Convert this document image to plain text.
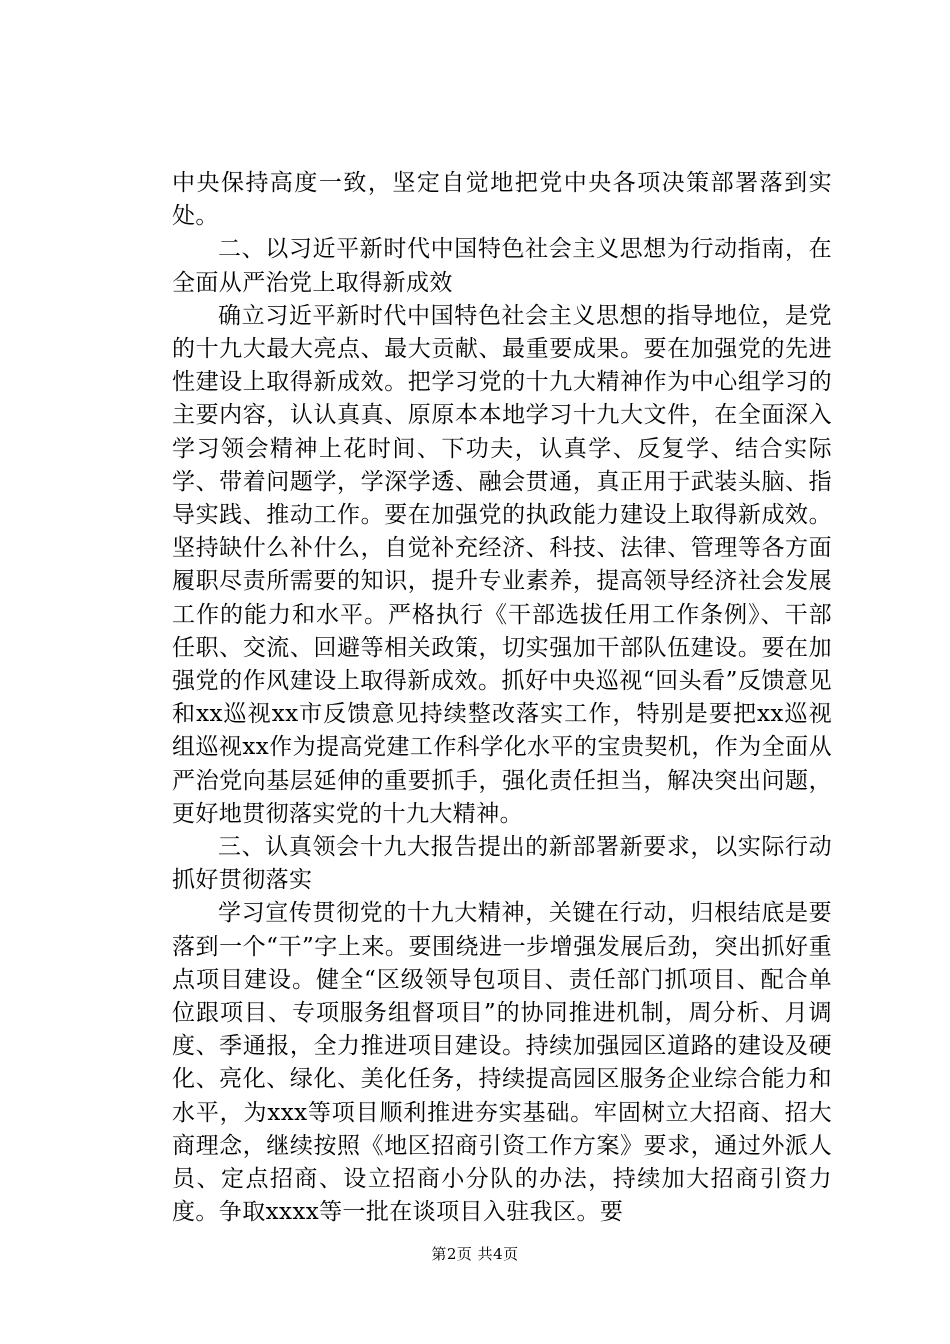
中央保持高度一致，坚定自觉地把党中央各项决策部署落到实处。

二、以习近平新时代中国特色社会主义思想为行动指南，在全面从严治党上取得新成效

确立习近平新时代中国特色社会主义思想的指导地位，是党的十九大最大亮点、最大贡献、最重要成果。要在加强党的先进性建设上取得新成效。把学习党的十九大精神作为中心组学习的主要内容，认认真真、原原本本地学习十九大文件，在全面深入学习领会精神上花时间、下功夫，认真学、反复学、结合实际学、带着问题学，学深学透、融会贯通，真正用于武装头脑、指导实践、推动工作。要在加强党的执政能力建设上取得新成效。坚持缺什么补什么，自觉补充经济、科技、法律、管理等各方面履职尽责所需要的知识，提升专业素养，提高领导经济社会发展工作的能力和水平。严格执行《干部选拔任用工作条例》、干部任职、交流、回避等相关政策，切实强加干部队伍建设。要在加强党的作风建设上取得新成效。抓好中央巡视“回头看”反馈意见和xx巡视xx市反馈意见持续整改落实工作，特别是要把xx巡视组巡视xx作为提高党建工作科学化水平的宝贵契机，作为全面从严治党向基层延伸的重要抓手，强化责任担当，解决突出问题，更好地贯彻落实党的十九大精神。

三、认真领会十九大报告提出的新部署新要求，以实际行动抓好贯彻落实

学习宣传贯彻党的十九大精神，关键在行动，归根结底是要落到一个“干”字上来。要围绕进一步增强发展后劲，突出抓好重点项目建设。健全“区级领导包项目、责任部门抓项目、配合单位跟项目、专项服务组督项目”的协同推进机制，周分析、月调度、季通报，全力推进项目建设。持续加强园区道路的建设及硬化、亮化、绿化、美化任务，持续提高园区服务企业综合能力和水平，为xxx等项目顺利推进夯实基础。牢固树立大招商、招大商理念，继续按照《地区招商引资工作方案》要求，通过外派人员、定点招商、设立招商小分队的办法，持续加大招商引资力度。争取xxxx等一批在谈项目入驻我区。要

第2页 共4页
